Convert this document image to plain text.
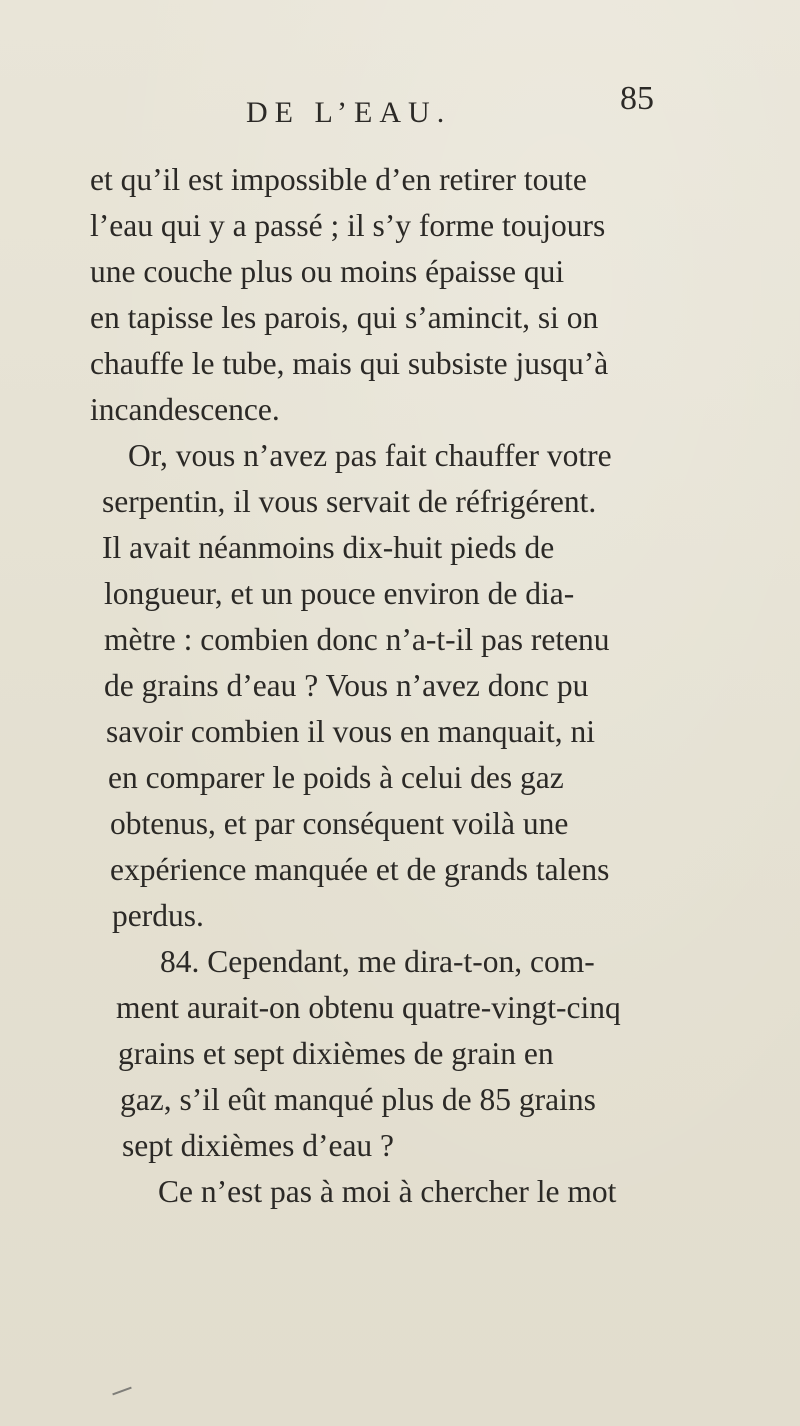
DE L’EAU.	85
et qu’il est impossible d’en retirer toute
l’eau qui y a passé ; il s’y forme toujours
une couche plus ou moins épaisse qui
en tapisse les parois, qui s’amincit, si on
chauffe le tube, mais qui subsiste jusqu’à
incandescence.
Or, vous n’avez pas fait chauffer votre
serpentin, il vous servait de réfrigérent.
Il avait néanmoins dix-huit pieds de
longueur, et un pouce environ de dia-
mètre : combien donc n’a-t-il pas retenu
de grains d’eau ? Vous n’avez donc pu
savoir combien il vous en manquait, ni
en comparer le poids à celui des gaz
obtenus, et par conséquent voilà une
expérience manquée et de grands talens
perdus.
84. Cependant, me dira-t-on, com-
ment aurait-on obtenu quatre-vingt-cinq
grains et sept dixièmes de grain en
gaz, s’il eût manqué plus de 85 grains
sept dixièmes d’eau ?
Ce n’est pas à moi à chercher le mot
